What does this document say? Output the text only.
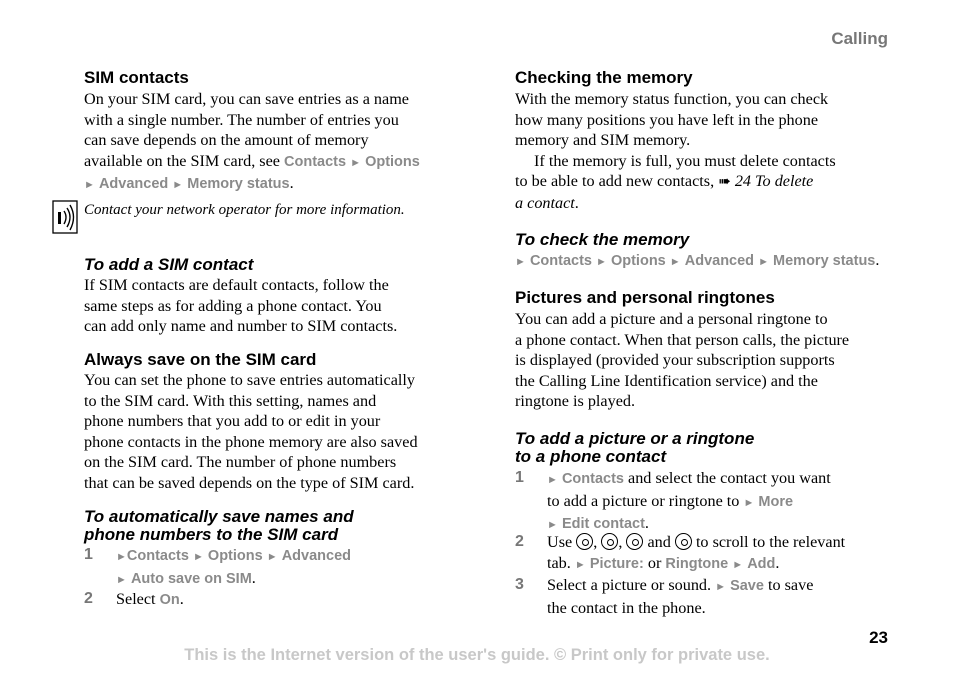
Calling
SIM contacts
On your SIM card, you can save entries as a name
with a single number. The number of entries you
can save depends on the amount of memory
available on the SIM card, see Contacts ► Options
► Advanced ► Memory status.
Contact your network operator for more information.
To add a SIM contact
If SIM contacts are default contacts, follow the
same steps as for adding a phone contact. You
can add only name and number to SIM contacts.
Always save on the SIM card
You can set the phone to save entries automatically
to the SIM card. With this setting, names and
phone numbers that you add to or edit in your
phone contacts in the phone memory are also saved
on the SIM card. The number of phone numbers
that can be saved depends on the type of SIM card.
To automatically save names and
phone numbers to the SIM card
1 ►Contacts ► Options ► Advanced
► Auto save on SIM.
2 Select On.
Checking the memory
With the memory status function, you can check
how many positions you have left in the phone
memory and SIM memory.
If the memory is full, you must delete contacts
to be able to add new contacts, ➠ 24 To delete
a contact.
To check the memory
► Contacts ► Options ► Advanced ► Memory status.
Pictures and personal ringtones
You can add a picture and a personal ringtone to
a phone contact. When that person calls, the picture
is displayed (provided your subscription supports
the Calling Line Identification service) and the
ringtone is played.
To add a picture or a ringtone
to a phone contact
1 ► Contacts and select the contact you want
to add a picture or ringtone to ► More
► Edit contact.
2 Use , ,  and to scroll to the relevant
tab. ► Picture: or Ringtone ► Add.
3 Select a picture or sound. ► Save to save
the contact in the phone.
23
This is the Internet version of the user's guide. © Print only for private use.
